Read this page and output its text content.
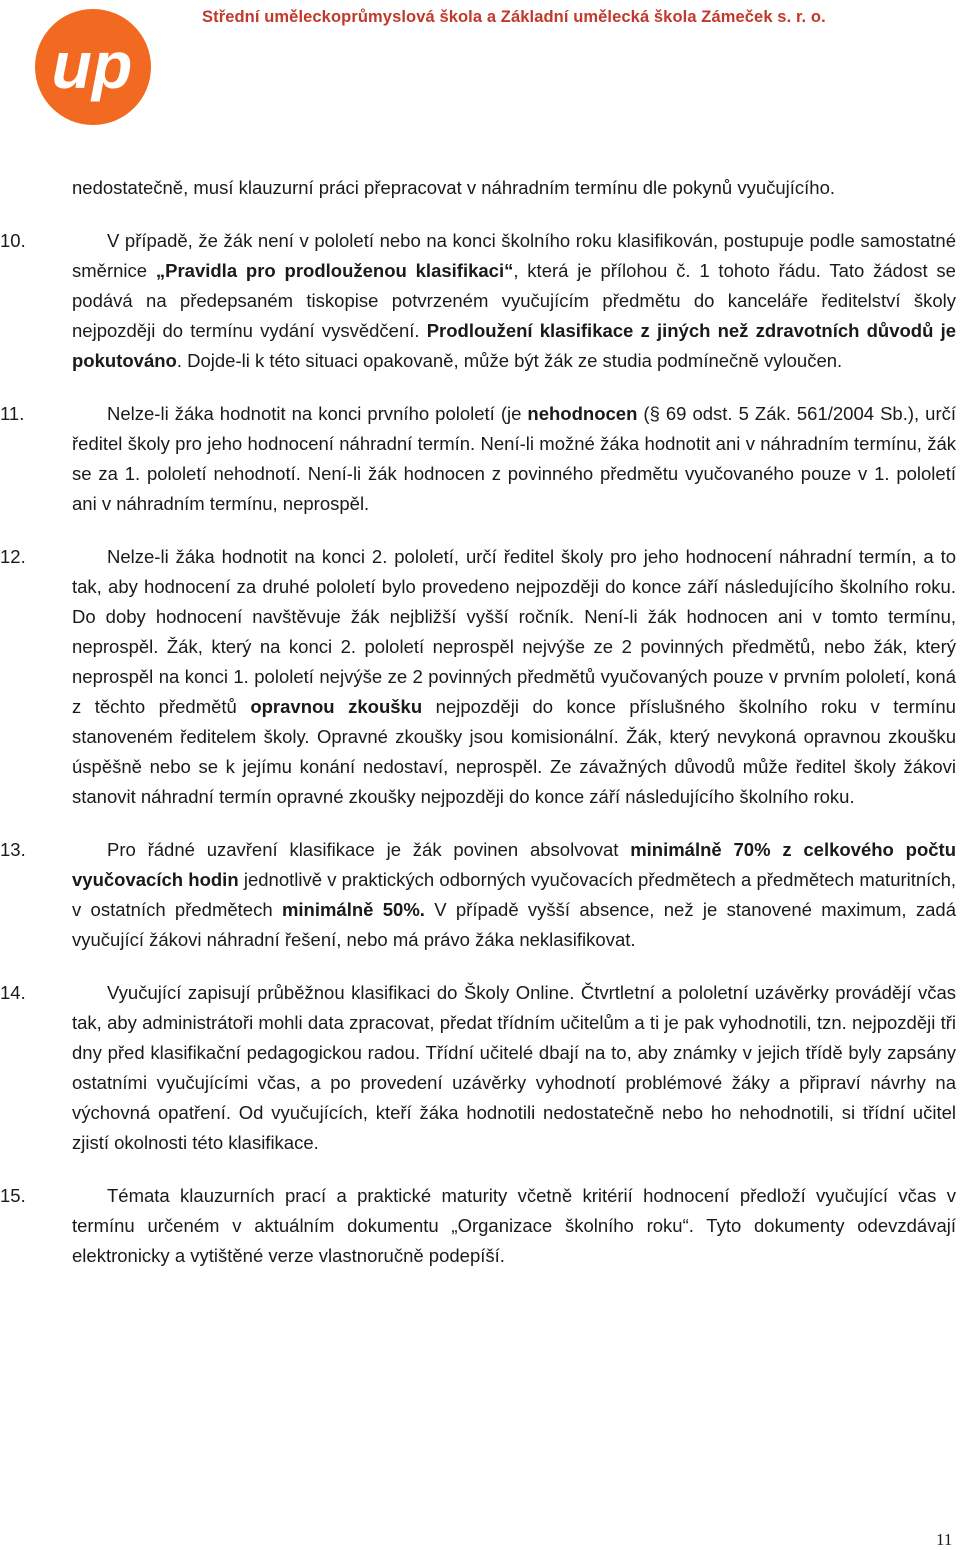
up
Střední uměleckoprůmyslová škola a Základní umělecká škola Zámeček s. r. o.
nedostatečně, musí klauzurní práci přepracovat v náhradním termínu dle pokynů vyučujícího.
10.	V případě, že žák není v pololetí nebo na konci školního roku klasifikován, postupuje podle samostatné směrnice „Pravidla pro prodlouženou klasifikaci“, která je přílohou č. 1 tohoto řádu. Tato žádost se podává na předepsaném tiskopise potvrzeném vyučujícím předmětu do kanceláře ředitelství školy nejpozději do termínu vydání vysvědčení. Prodloužení klasifikace z jiných než zdravotních důvodů je pokutováno. Dojde-li k této situaci opakovaně, může být žák ze studia podmínečně vyloučen.
11.	Nelze-li žáka hodnotit na konci prvního pololetí (je nehodnocen (§ 69 odst. 5 Zák. 561/2004 Sb.), určí ředitel školy pro jeho hodnocení náhradní termín. Není-li možné žáka hodnotit ani v náhradním termínu, žák se za 1. pololetí nehodnotí. Není-li žák hodnocen z povinného předmětu vyučovaného pouze v 1. pololetí ani v náhradním termínu, neprospěl.
12.	Nelze-li žáka hodnotit na konci 2. pololetí, určí ředitel školy pro jeho hodnocení náhradní termín, a to tak, aby hodnocení za druhé pololetí bylo provedeno nejpozději do konce září následujícího školního roku. Do doby hodnocení navštěvuje žák nejbližší vyšší ročník. Není-li žák hodnocen ani v tomto termínu, neprospěl. Žák, který na konci 2. pololetí neprospěl nejvýše ze 2 povinných předmětů, nebo žák, který neprospěl na konci 1. pololetí nejvýše ze 2 povinných předmětů vyučovaných pouze v prvním pololetí, koná z těchto předmětů opravnou zkoušku nejpozději do konce příslušného školního roku v termínu stanoveném ředitelem školy. Opravné zkoušky jsou komisionální. Žák, který nevykoná opravnou zkoušku úspěšně nebo se k jejímu konání nedostaví, neprospěl. Ze závažných důvodů může ředitel školy žákovi stanovit náhradní termín opravné zkoušky nejpozději do konce září následujícího školního roku.
13.	Pro řádné uzavření klasifikace je žák povinen absolvovat minimálně 70% z celkového počtu vyučovacích hodin jednotlivě v praktických odborných vyučovacích předmětech a předmětech maturitních, v ostatních předmětech minimálně 50%. V případě vyšší absence, než je stanovené maximum, zadá vyučující žákovi náhradní řešení, nebo má právo žáka neklasifikovat.
14.	Vyučující zapisují průběžnou klasifikaci do Školy Online. Čtvrtletní a pololetní uzávěrky provádějí včas tak, aby administrátoři mohli data zpracovat, předat třídním učitelům a ti je pak vyhodnotili, tzn. nejpozději tři dny před klasifikační pedagogickou radou. Třídní učitelé dbají na to, aby známky v jejich třídě byly zapsány ostatními vyučujícími včas, a po provedení uzávěrky vyhodnotí problémové žáky a připraví návrhy na výchovná opatření. Od vyučujících, kteří žáka hodnotili nedostatečně nebo ho nehodnotili, si třídní učitel zjistí okolnosti této klasifikace.
15.	Témata klauzurních prací a praktické maturity včetně kritérií hodnocení předloží vyučující včas v termínu určeném v aktuálním dokumentu „Organizace školního roku“. Tyto dokumenty odevzdávají elektronicky a vytištěné verze vlastnoručně podepíší.
11
